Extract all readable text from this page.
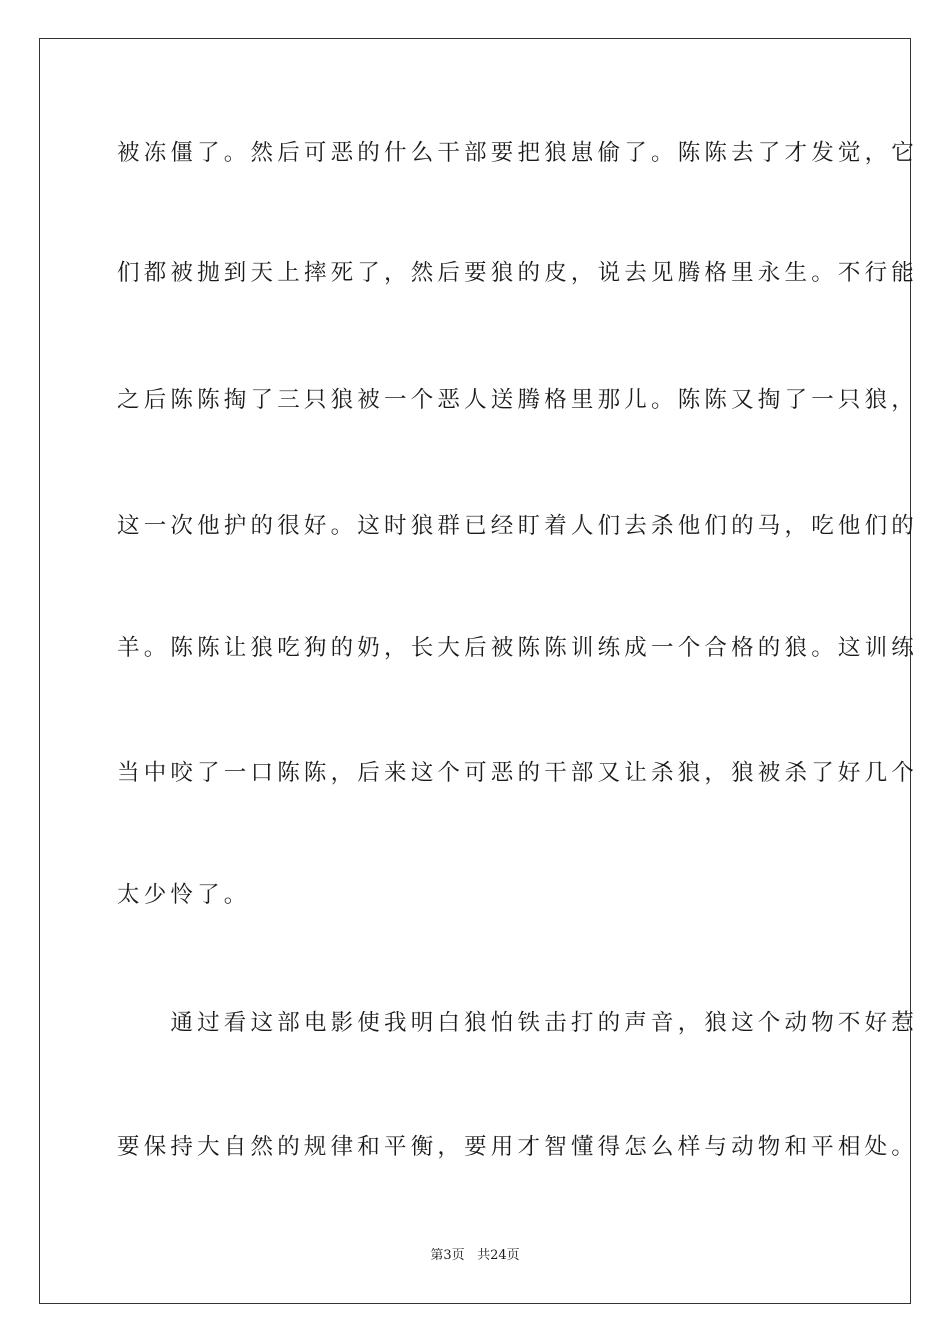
被冻僵了。然后可恶的什么干部要把狼崽偷了。陈陈去了才发觉，它
们都被抛到天上摔死了，然后要狼的皮，说去见腾格里永生。不行能
之后陈陈掏了三只狼被一个恶人送腾格里那儿。陈陈又掏了一只狼，
这一次他护的很好。这时狼群已经盯着人们去杀他们的马，吃他们的
羊。陈陈让狼吃狗的奶，长大后被陈陈训练成一个合格的狼。这训练
当中咬了一口陈陈，后来这个可恶的干部又让杀狼，狼被杀了好几个
太少怜了。
　　通过看这部电影使我明白狼怕铁击打的声音，狼这个动物不好惹
要保持大自然的规律和平衡，要用才智懂得怎么样与动物和平相处。
第3页 共24页
